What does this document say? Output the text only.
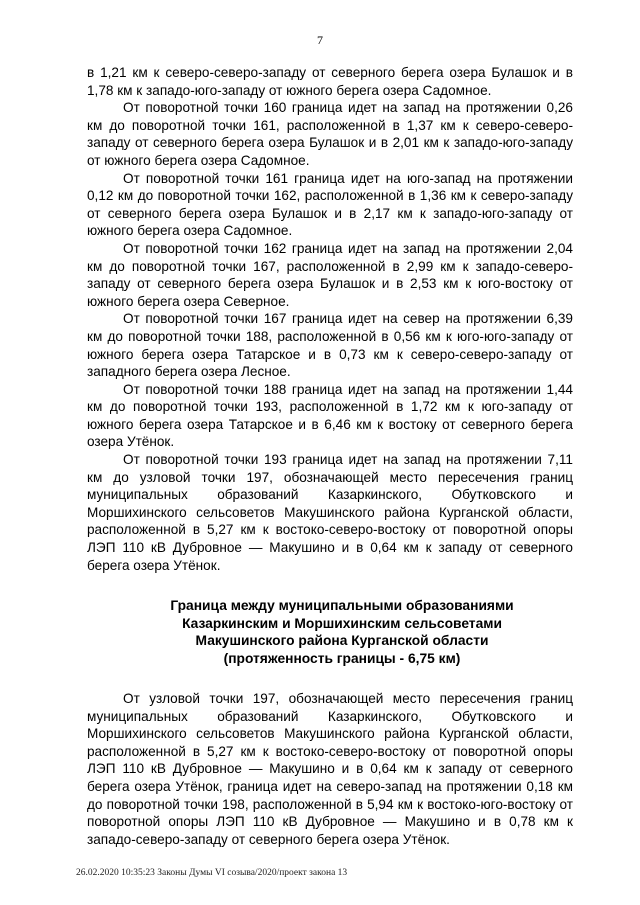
7

в 1,21 км к северо-северо-западу от северного берега озера Булашок и в 1,78 км к западо-юго-западу от южного берега озера Садомное.

От поворотной точки 160 граница идет на запад на протяжении 0,26 км до поворотной точки 161, расположенной в 1,37 км к северо-северо-западу от северного берега озера Булашок и в 2,01 км к западо-юго-западу от южного берега озера Садомное.

От поворотной точки 161 граница идет на юго-запад на протяжении 0,12 км до поворотной точки 162, расположенной в 1,36 км к северо-западу от северного берега озера Булашок и в 2,17 км к западо-юго-западу от южного берега озера Садомное.

От поворотной точки 162 граница идет на запад на протяжении 2,04 км до поворотной точки 167, расположенной в 2,99 км к западо-северо-западу от северного берега озера Булашок и в 2,53 км к юго-востоку от южного берега озера Северное.

От поворотной точки 167 граница идет на север на протяжении 6,39 км до поворотной точки 188, расположенной в 0,56 км к юго-юго-западу от южного берега озера Татарское и в 0,73 км к северо-северо-западу от западного берега озера Лесное.

От поворотной точки 188 граница идет на запад на протяжении 1,44 км до поворотной точки 193, расположенной в 1,72 км к юго-западу от южного берега озера Татарское и в 6,46 км к востоку от северного берега озера Утёнок.

От поворотной точки 193 граница идет на запад на протяжении 7,11 км до узловой точки 197, обозначающей место пересечения границ муниципальных образований Казаркинского, Обутковского и Моршихинского сельсоветов Макушинского района Курганской области, расположенной в 5,27 км к востоко-северо-востоку от поворотной опоры ЛЭП 110 кВ Дубровное — Макушино и в 0,64 км к западу от северного берега озера Утёнок.

Граница между муниципальными образованиями
Казаркинским и Моршихинским сельсоветами
Макушинского района Курганской области
(протяженность границы - 6,75 км)

От узловой точки 197, обозначающей место пересечения границ муниципальных образований Казаркинского, Обутковского и Моршихинского сельсоветов Макушинского района Курганской области, расположенной в 5,27 км к востоко-северо-востоку от поворотной опоры ЛЭП 110 кВ Дубровное — Макушино и в 0,64 км к западу от северного берега озера Утёнок, граница идет на северо-запад на протяжении 0,18 км до поворотной точки 198, расположенной в 5,94 км к востоко-юго-востоку от поворотной опоры ЛЭП 110 кВ Дубровное — Макушино и в 0,78 км к западо-северо-западу от северного берега озера Утёнок.

26.02.2020 10:35:23 Законы Думы VI созыва/2020/проект закона 13
